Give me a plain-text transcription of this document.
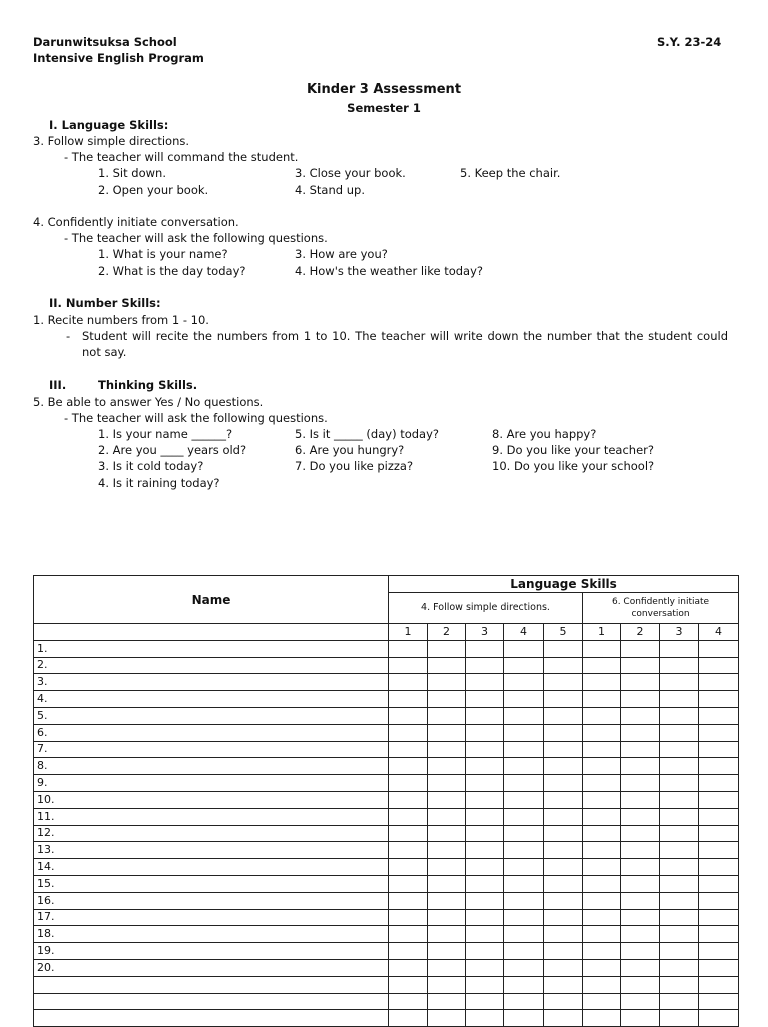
Darunwitsuksa School
Intensive English Program
S.Y. 23-24
Kinder 3 Assessment
Semester 1
I. Language Skills:
3. Follow simple directions.
- The teacher will command the student.
1. Sit down.
2. Open your book.
3. Close your book.
4. Stand up.
5. Keep the chair.
4. Confidently initiate conversation.
- The teacher will ask the following questions.
1. What is your name?
2. What is the day today?
3. How are you?
4. How's the weather like today?
II. Number Skills:
1. Recite numbers from 1 - 10.
- Student will recite the numbers from 1 to 10. The teacher will write down the number that the student could
not say.
III.	Thinking Skills.
5. Be able to answer Yes / No questions.
- The teacher will ask the following questions.
1. Is your name ______?
2. Are you ____ years old?
3. Is it cold today?
4. Is it raining today?
5. Is it _____ (day) today?
6. Are you hungry?
7. Do you like pizza?
8. Are you happy?
9. Do you like your teacher?
10. Do you like your school?
Name	Language Skills								
	4. Follow simple directions.					6. Confidently initiate conversation			
	1	2	3	4	5	1	2	3	4
1.									
2.									
3.									
4.									
5.									
6.									
7.									
8.									
9.									
10.									
11.									
12.									
13.									
14.									
15.									
16.									
17.									
18.									
19.									
20.									
